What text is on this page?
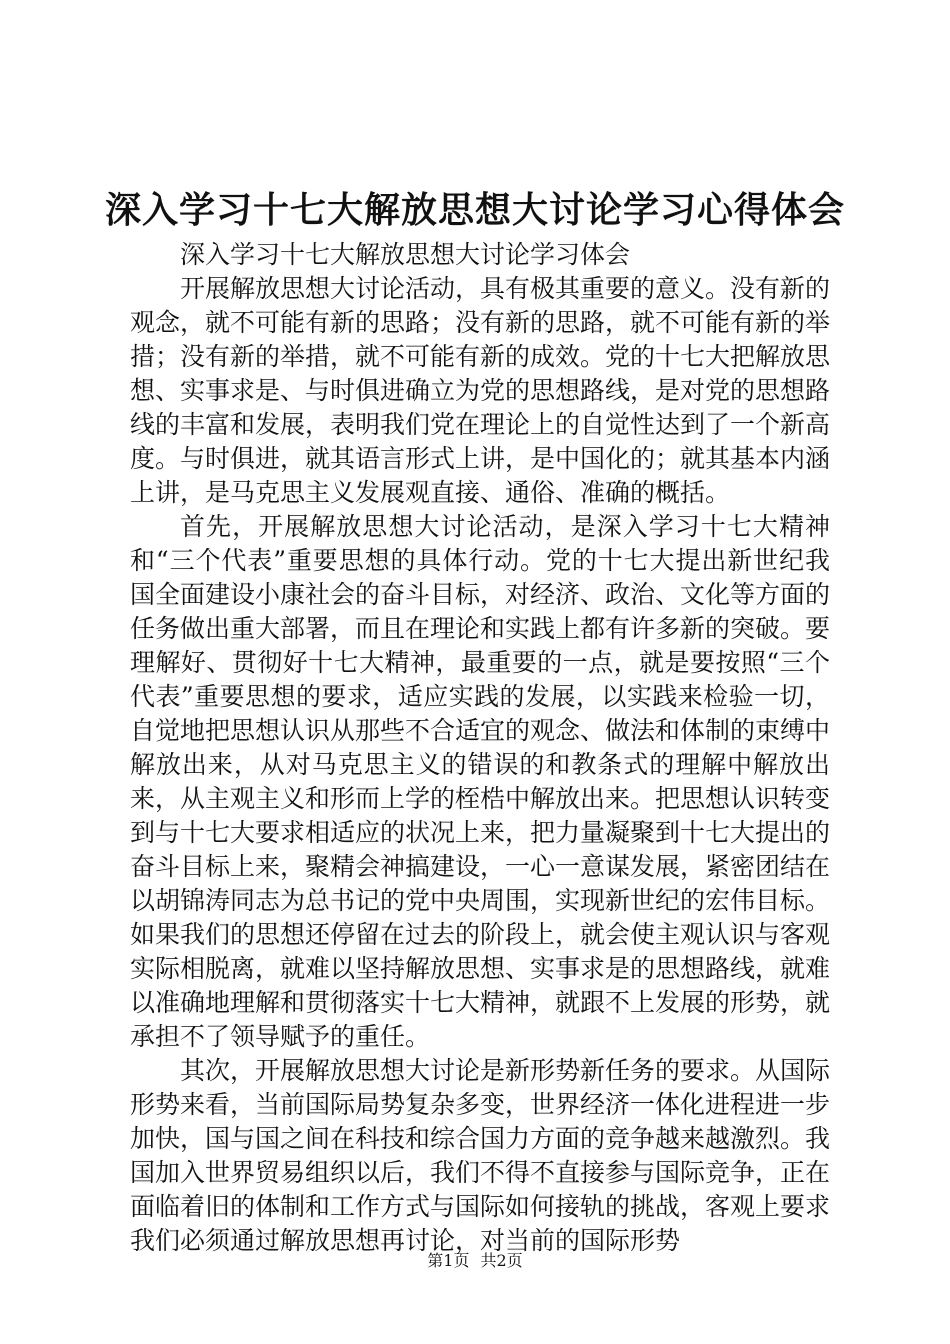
深入学习十七大解放思想大讨论学习心得体会

深入学习十七大解放思想大讨论学习体会

开展解放思想大讨论活动，具有极其重要的意义。没有新的观念，就不可能有新的思路；没有新的思路，就不可能有新的举措；没有新的举措，就不可能有新的成效。党的十七大把解放思想、实事求是、与时俱进确立为党的思想路线，是对党的思想路线的丰富和发展，表明我们党在理论上的自觉性达到了一个新高度。与时俱进，就其语言形式上讲，是中国化的；就其基本内涵上讲，是马克思主义发展观直接、通俗、准确的概括。

首先，开展解放思想大讨论活动，是深入学习十七大精神和“三个代表”重要思想的具体行动。党的十七大提出新世纪我国全面建设小康社会的奋斗目标，对经济、政治、文化等方面的任务做出重大部署，而且在理论和实践上都有许多新的突破。要理解好、贯彻好十七大精神，最重要的一点，就是要按照“三个代表”重要思想的要求，适应实践的发展，以实践来检验一切，自觉地把思想认识从那些不合适宜的观念、做法和体制的束缚中解放出来，从对马克思主义的错误的和教条式的理解中解放出来，从主观主义和形而上学的桎梏中解放出来。把思想认识转变到与十七大要求相适应的状况上来，把力量凝聚到十七大提出的奋斗目标上来，聚精会神搞建设，一心一意谋发展，紧密团结在以胡锦涛同志为总书记的党中央周围，实现新世纪的宏伟目标。如果我们的思想还停留在过去的阶段上，就会使主观认识与客观实际相脱离，就难以坚持解放思想、实事求是的思想路线，就难以准确地理解和贯彻落实十七大精神，就跟不上发展的形势，就承担不了领导赋予的重任。

其次，开展解放思想大讨论是新形势新任务的要求。从国际形势来看，当前国际局势复杂多变，世界经济一体化进程进一步加快，国与国之间在科技和综合国力方面的竞争越来越激烈。我国加入世界贸易组织以后，我们不得不直接参与国际竞争，正在面临着旧的体制和工作方式与国际如何接轨的挑战，客观上要求我们必须通过解放思想再讨论，对当前的国际形势

第1页 共2页
